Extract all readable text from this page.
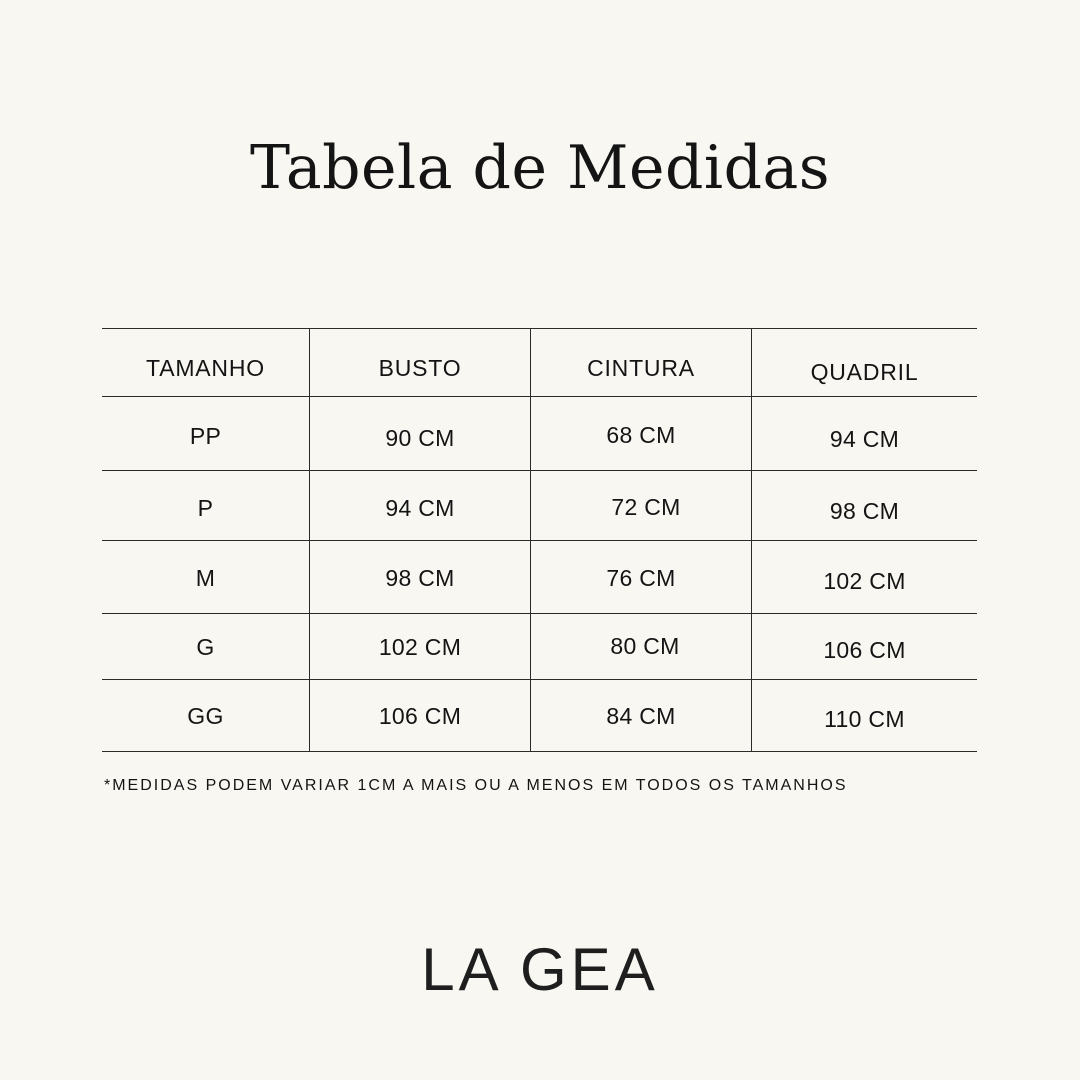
Tabela de Medidas
TAMANHO	BUSTO	CINTURA	QUADRIL
PP	90 CM	68 CM	94 CM
P	94 CM	72 CM	98 CM
M	98 CM	76 CM	102 CM
G	102 CM	80 CM	106 CM
GG	106 CM	84 CM	110 CM
*MEDIDAS PODEM VARIAR 1CM A MAIS OU A MENOS EM TODOS OS TAMANHOS
LA GEA
